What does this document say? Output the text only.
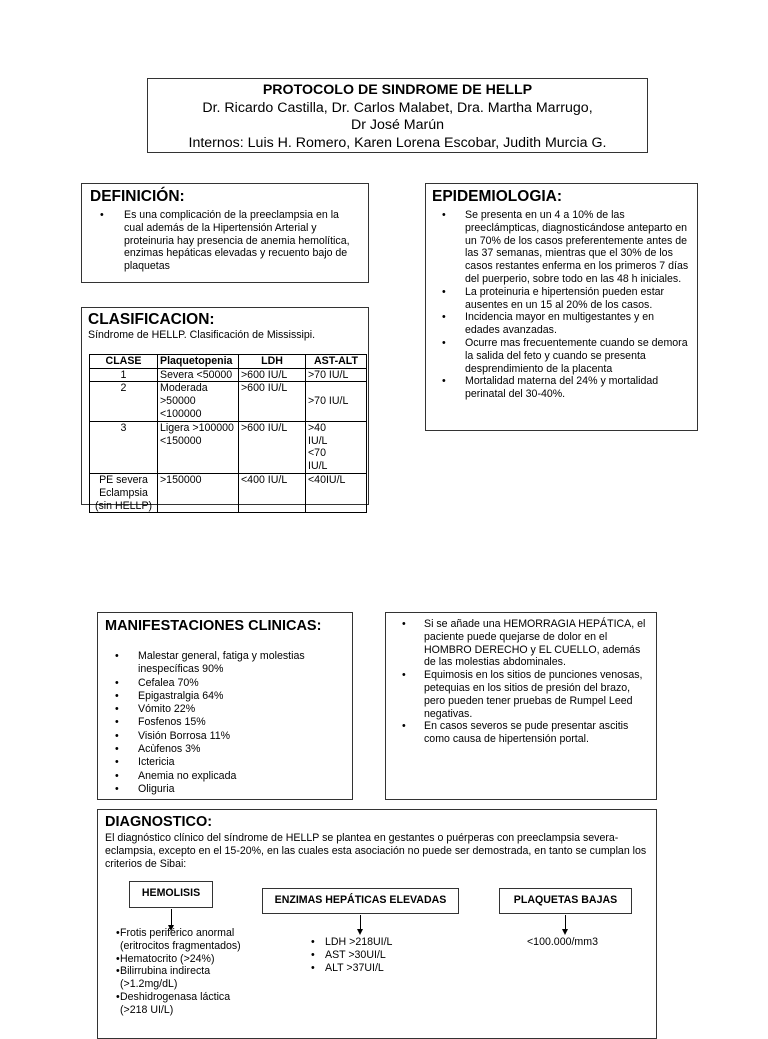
PROTOCOLO DE SINDROME DE HELLP
Dr. Ricardo Castilla, Dr. Carlos Malabet, Dra. Martha Marrugo,
Dr José Marún
Internos: Luis H. Romero, Karen Lorena Escobar, Judith Murcia G.
DEFINICIÓN:
• Es una complicación de la preeclampsia en la cual además de la Hipertensión Arterial y proteinuria hay presencia de anemia hemolítica, enzimas hepáticas elevadas y recuento bajo de plaquetas
EPIDEMIOLOGIA:
• Se presenta en un 4 a 10% de las preeclámpticas, diagnosticándose anteparto en un 70% de los casos preferentemente antes de las 37 semanas, mientras que el 30% de los casos restantes enferma en los primeros 7 días del puerperio, sobre todo en las 48 h iniciales.
• La proteinuria e hipertensión pueden estar ausentes en un 15 al 20% de los casos.
• Incidencia mayor en multigestantes y en edades avanzadas.
• Ocurre mas frecuentemente cuando se demora la salida del feto y cuando se presenta desprendimiento de la placenta
• Mortalidad materna del 24% y mortalidad perinatal del 30-40%.
CLASIFICACION:
Síndrome de HELLP. Clasificación de Mississipi.
CLASE	Plaquetopenia	LDH	AST-ALT
1	Severa <50000	>600 IU/L	>70 IU/L
2	Moderada >50000 <100000	>600 IU/L	>70 IU/L
3	Ligera >100000 <150000	>600 IU/L	>40 IU/L <70 IU/L
PE severa Eclampsia (sin HELLP)	>150000	<400 IU/L	<40IU/L
MANIFESTACIONES CLINICAS:
• Malestar general, fatiga y molestias inespecíficas 90%
• Cefalea 70%
• Epigastralgia 64%
• Vómito 22%
• Fosfenos 15%
• Visión Borrosa 11%
• Acùfenos 3%
• Ictericia
• Anemia no explicada
• Oliguria
• Si se añade una HEMORRAGIA HEPÁTICA, el paciente puede quejarse de dolor en el HOMBRO DERECHO y EL CUELLO, además de las molestias abdominales.
• Equimosis en los sitios de punciones venosas, petequias en los sitios de presión del brazo, pero pueden tener pruebas de Rumpel Leed negativas.
• En casos severos se pude presentar ascitis como causa de hipertensión portal.
DIAGNOSTICO:
El diagnóstico clínico del síndrome de HELLP se plantea en gestantes o puérperas con preeclampsia severa-eclampsia, excepto en el 15-20%, en las cuales esta asociación no puede ser demostrada, en tanto se cumplan los criterios de Sibai:
HEMOLISIS
ENZIMAS HEPÁTICAS ELEVADAS	PLAQUETAS BAJAS
• Frotis periférico anormal (eritrocitos fragmentados)
• Hematocrito (>24%)
• Bilirrubina indirecta (>1.2mg/dL)
• Deshidrogenasa láctica (>218 UI/L)
• LDH >218UI/L
• AST >30UI/L
• ALT >37UI/L
<100.000/mm3
